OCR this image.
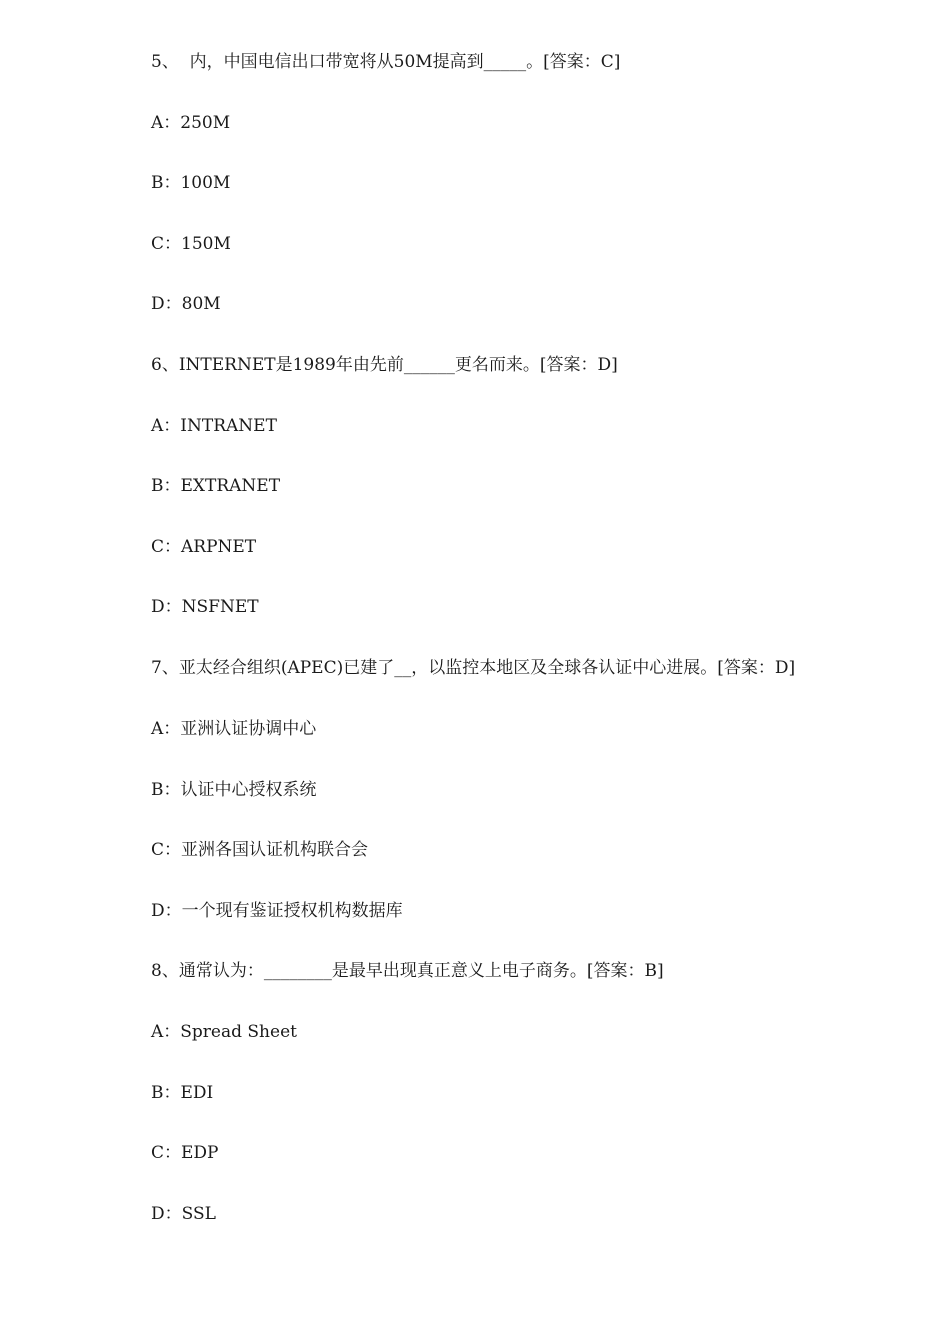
5、  内，中国电信出口带宽将从50M提高到_____。[答案：C]
A：250M
B：100M
C：150M
D：80M
6、INTERNET是1989年由先前______更名而来。[答案：D]
A：INTRANET
B：EXTRANET
C：ARPNET
D：NSFNET
7、亚太经合组织(APEC)已建了__，以监控本地区及全球各认证中心进展。[答案：D]
A：亚洲认证协调中心
B：认证中心授权系统
C：亚洲各国认证机构联合会
D：一个现有鉴证授权机构数据库
8、通常认为：________是最早出现真正意义上电子商务。[答案：B]
A：Spread Sheet
B：EDI
C：EDP
D：SSL
